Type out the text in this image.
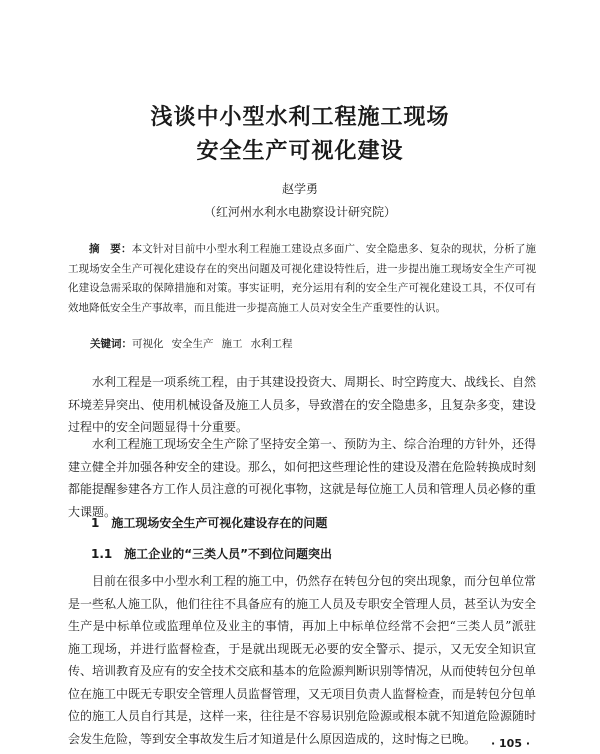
浅谈中小型水利工程施工现场
安全生产可视化建设
赵学勇
（红河州水利水电勘察设计研究院）

摘　要：本文针对目前中小型水利工程施工建设点多面广、安全隐患多、复杂的现状，分析了施工现场安全生产可视化建设存在的突出问题及可视化建设特性后，进一步提出施工现场安全生产可视化建设急需采取的保障措施和对策。事实证明，充分运用有利的安全生产可视化建设工具，不仅可有效地降低安全生产事故率，而且能进一步提高施工人员对安全生产重要性的认识。

关键词：可视化 安全生产 施工 水利工程

水利工程是一项系统工程，由于其建设投资大、周期长、时空跨度大、战线长、自然环境差异突出、使用机械设备及施工人员多，导致潜在的安全隐患多，且复杂多变，建设过程中的安全问题显得十分重要。

水利工程施工现场安全生产除了坚持安全第一、预防为主、综合治理的方针外，还得建立健全并加强各种安全的建设。那么，如何把这些理论性的建设及潜在危险转换成时刻都能提醒参建各方工作人员注意的可视化事物，这就是每位施工人员和管理人员必修的重大课题。

1　施工现场安全生产可视化建设存在的问题
1.1　施工企业的“三类人员”不到位问题突出

目前在很多中小型水利工程的施工中，仍然存在转包分包的突出现象，而分包单位常是一些私人施工队，他们往往不具备应有的施工人员及专职安全管理人员，甚至认为安全生产是中标单位或监理单位及业主的事情，再加上中标单位经常不会把“三类人员”派驻施工现场，并进行监督检查，于是就出现既无必要的安全警示、提示，又无安全知识宣传、培训教育及应有的安全技术交底和基本的危险源判断识别等情况，从而使转包分包单位在施工中既无专职安全管理人员监督管理，又无项目负责人监督检查，而是转包分包单位的施工人员自行其是，这样一来，往往是不容易识别危险源或根本就不知道危险源随时会发生危险，等到安全事故发生后才知道是什么原因造成的，这时悔之已晚。	· 105 ·
